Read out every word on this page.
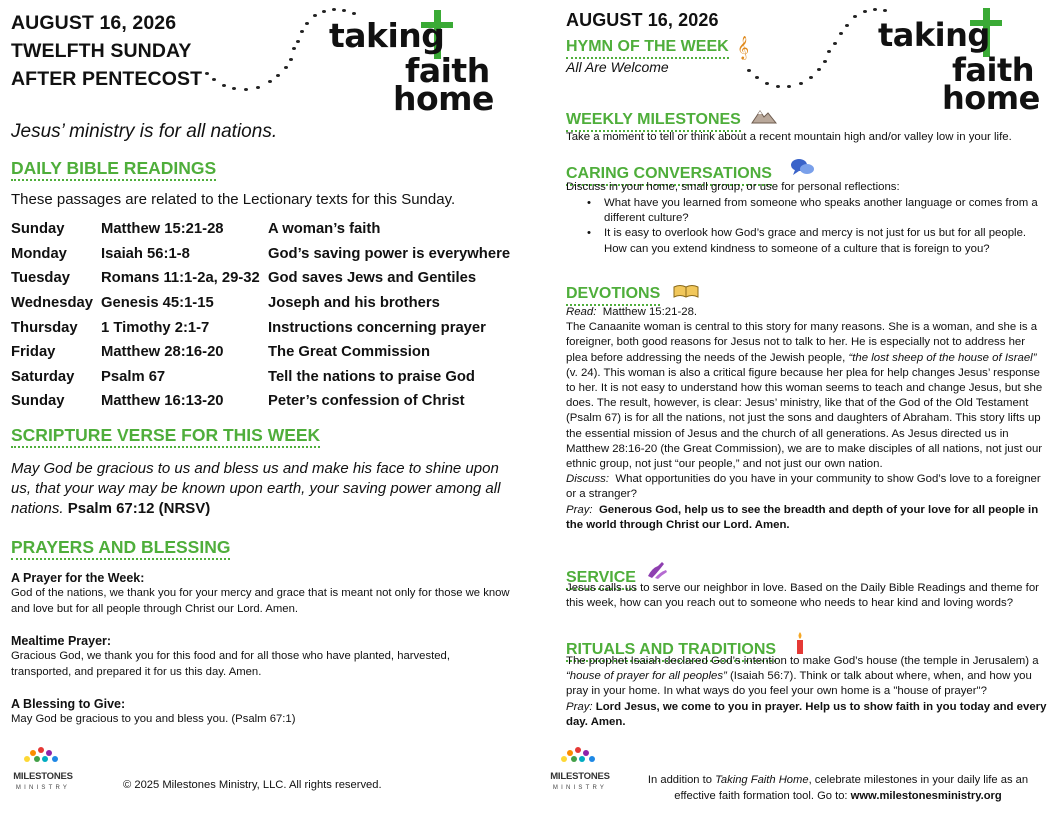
AUGUST 16, 2026
TWELFTH SUNDAY
AFTER PENTECOST
taking
faith
home
Jesus’ ministry is for all nations.
DAILY BIBLE READINGS
These passages are related to the Lectionary texts for this Sunday.
Sunday	Matthew 15:21-28	A woman’s faith
Monday	Isaiah 56:1-8	God’s saving power is everywhere
Tuesday	Romans 11:1-2a, 29-32	God saves Jews and Gentiles
Wednesday	Genesis 45:1-15	Joseph and his brothers
Thursday	1 Timothy 2:1-7	Instructions concerning prayer
Friday	Matthew 28:16-20	The Great Commission
Saturday	Psalm 67	Tell the nations to praise God
Sunday	Matthew 16:13-20	Peter’s confession of Christ
SCRIPTURE VERSE FOR THIS WEEK
May God be gracious to us and bless us and make his face to shine upon us, that your way may be known upon earth, your saving power among all nations. Psalm 67:12 (NRSV)
PRAYERS AND BLESSING
A Prayer for the Week:

God of the nations, we thank you for your mercy and grace that is meant not only for those we know and love but for all people through Christ our Lord. Amen.

Mealtime Prayer:

Gracious God, we thank you for this food and for all those who have planted, harvested, transported, and prepared it for us this day. Amen.

A Blessing to Give:

May God be gracious to you and bless you. (Psalm 67:1)

MILESTONES
MINISTRY	© 2025 Milestones Ministry, LLC. All rights reserved.
AUGUST 16, 2026
HYMN OF THE WEEK 𝄞
All Are Welcome
taking
faith
home
WEEKLY MILESTONES
Take a moment to tell or think about a recent mountain high and/or valley low in your life.
CARING CONVERSATIONS
Discuss in your home, small group, or use for personal reflections:
• What have you learned from someone who speaks another language or comes from a different culture?
• It is easy to overlook how God’s grace and mercy is not just for us but for all people. How can you extend kindness to someone of a culture that is foreign to you?
DEVOTIONS
Read: Matthew 15:21-28.
The Canaanite woman is central to this story for many reasons. She is a woman, and she is a foreigner, both good reasons for Jesus not to talk to her. He is especially not to address her plea before addressing the needs of the Jewish people, “the lost sheep of the house of Israel” (v. 24). This woman is also a critical figure because her plea for help changes Jesus’ response to her. It is not easy to understand how this woman seems to teach and change Jesus, but she does. The result, however, is clear: Jesus’ ministry, like that of the God of the Old Testament (Psalm 67) is for all the nations, not just the sons and daughters of Abraham. This story lifts up the essential mission of Jesus and the church of all generations. As Jesus directed us in Matthew 28:16-20 (the Great Commission), we are to make disciples of all nations, not just our ethnic group, not just “our people,” and not just our own nation.
Discuss: What opportunities do you have in your community to show God’s love to a foreigner or a stranger?
Pray: Generous God, help us to see the breadth and depth of your love for all people in the world through Christ our Lord. Amen.
SERVICE
Jesus calls us to serve our neighbor in love. Based on the Daily Bible Readings and theme for this week, how can you reach out to someone who needs to hear kind and loving words?
RITUALS AND TRADITIONS
The prophet Isaiah declared God’s intention to make God’s house (the temple in Jerusalem) a “house of prayer for all peoples” (Isaiah 56:7). Think or talk about where, when, and how you pray in your home. In what ways do you feel your own home is a "house of prayer"?
Pray: Lord Jesus, we come to you in prayer. Help us to show faith in you today and every day. Amen.
MILESTONES
MINISTRY
In addition to Taking Faith Home, celebrate milestones in your daily life as an effective faith formation tool. Go to: www.milestonesministry.org
